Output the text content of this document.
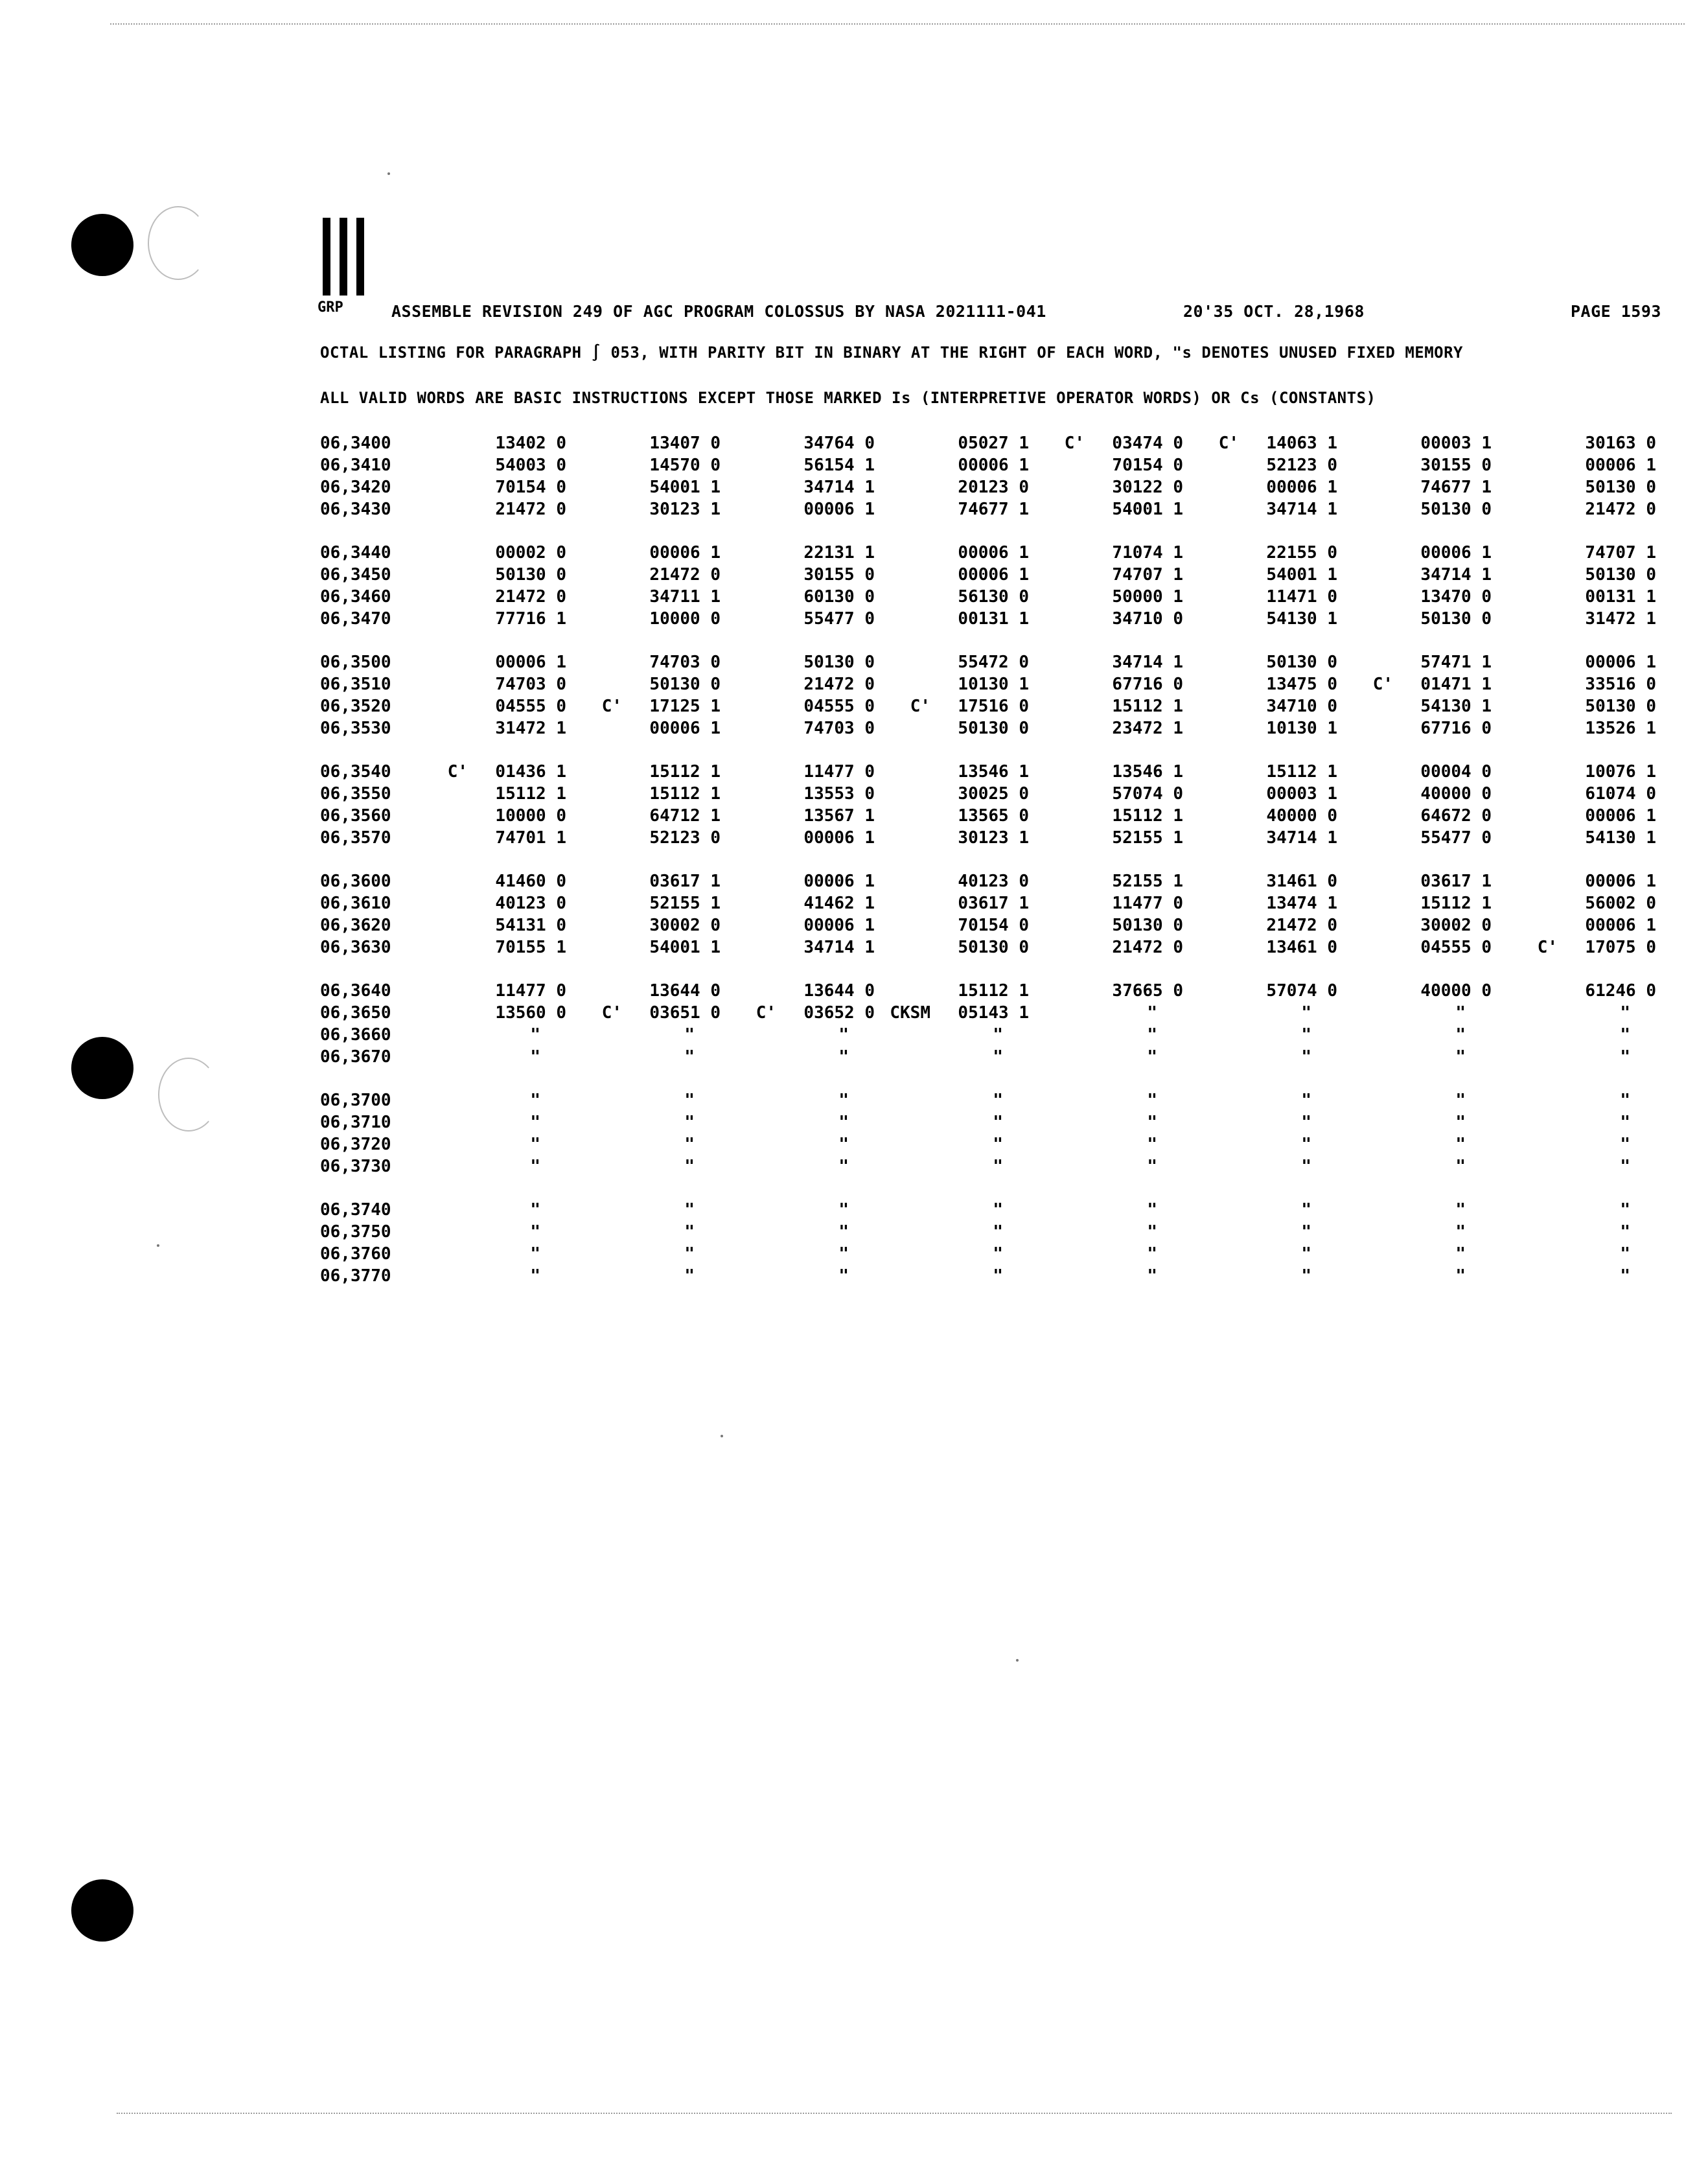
GRP	ASSEMBLE REVISION 249 OF AGC PROGRAM COLOSSUS BY NASA 2021111-041	20'35 OCT. 28,1968	PAGE 1593
OCTAL LISTING FOR PARAGRAPH ∫ 053, WITH PARITY BIT IN BINARY AT THE RIGHT OF EACH WORD, "s DENOTES UNUSED FIXED MEMORY
ALL VALID WORDS ARE BASIC INSTRUCTIONS EXCEPT THOSE MARKED Is (INTERPRETIVE OPERATOR WORDS) OR Cs (CONSTANTS)
06,3400	13402 0	13407 0	34764 0	05027 1 C'	03474 0 C'	14063 1	00003 1	30163 0
06,3410	54003 0	14570 0	56154 1	00006 1	70154 0	52123 0	30155 0	00006 1
06,3420	70154 0	54001 1	34714 1	20123 0	30122 0	00006 1	74677 1	50130 0
06,3430	21472 0	30123 1	00006 1	74677 1	54001 1	34714 1	50130 0	21472 0
06,3440	00002 0	00006 1	22131 1	00006 1	71074 1	22155 0	00006 1	74707 1
06,3450	50130 0	21472 0	30155 0	00006 1	74707 1	54001 1	34714 1	50130 0
06,3460	21472 0	34711 1	60130 0	56130 0	50000 1	11471 0	13470 0	00131 1
06,3470	77716 1	10000 0	55477 0	00131 1	34710 0	54130 1	50130 0	31472 1
06,3500	00006 1	74703 0	50130 0	55472 0	34714 1	50130 0	57471 1	00006 1
06,3510	74703 0	50130 0	21472 0	10130 1	67716 0	13475 0 C'	01471 1	33516 0
06,3520	04555 0 C'	17125 1	04555 0 C'	17516 0	15112 1	34710 0	54130 1	50130 0
06,3530	31472 1	00006 1	74703 0	50130 0	23472 1	10130 1	67716 0	13526 1
06,3540	C'	01436 1	15112 1	11477 0	13546 1	13546 1	15112 1	00004 0	10076 1
06,3550	15112 1	15112 1	13553 0	30025 0	57074 0	00003 1	40000 0	61074 0
06,3560	10000 0	64712 1	13567 1	13565 0	15112 1	40000 0	64672 0	00006 1
06,3570	74701 1	52123 0	00006 1	30123 1	52155 1	34714 1	55477 0	54130 1
06,3600	41460 0	03617 1	00006 1	40123 0	52155 1	31461 0	03617 1	00006 1
06,3610	40123 0	52155 1	41462 1	03617 1	11477 0	13474 1	15112 1	56002 0
06,3620	54131 0	30002 0	00006 1	70154 0	50130 0	21472 0	30002 0	00006 1
06,3630	70155 1	54001 1	34714 1	50130 0	21472 0	13461 0	04555 0	C'	17075 0
06,3640	11477 0	13644 0	13644 0	15112 1	37665 0	57074 0	40000 0	61246 0
06,3650	13560 0 C'	03651 0 C'	03652 0 CKSM	05143 1	"	"	"	"
06,3660	"	"	"	"	"	"	"	"
06,3670	"	"	"	"	"	"	"	"
06,3700	"	"	"	"	"	"	"	"
06,3710	"	"	"	"	"	"	"	"
06,3720	"	"	"	"	"	"	"	"
06,3730	"	"	"	"	"	"	"	"
06,3740	"	"	"	"	"	"	"	"
06,3750	"	"	"	"	"	"	"	"
06,3760	"	"	"	"	"	"	"	"
06,3770	"	"	"	"	"	"	"	"
